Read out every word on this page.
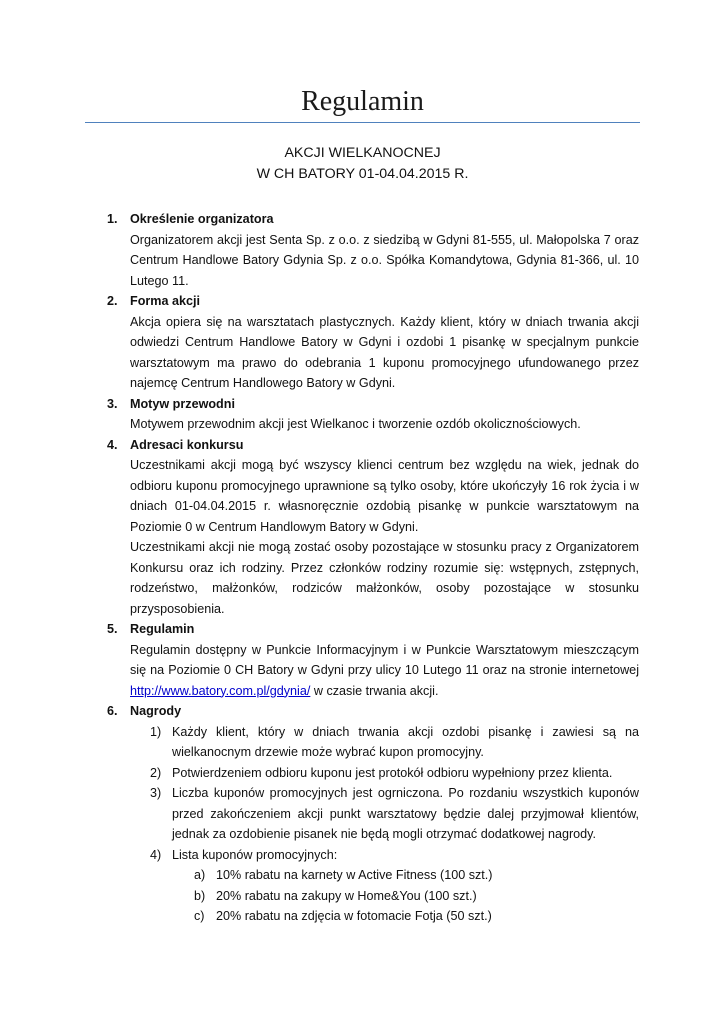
Regulamin
AKCJI WIELKANOCNEJ
W CH BATORY 01-04.04.2015 R.
1. Określenie organizatora
Organizatorem akcji jest Senta Sp. z o.o. z siedzibą w Gdyni 81-555, ul. Małopolska 7 oraz Centrum Handlowe Batory Gdynia Sp. z o.o. Spółka Komandytowa, Gdynia 81-366, ul. 10 Lutego 11.
2. Forma akcji
Akcja opiera się na warsztatach plastycznych. Każdy klient, który w dniach trwania akcji odwiedzi Centrum Handlowe Batory w Gdyni i ozdobi 1 pisankę w specjalnym punkcie warsztatowym ma prawo do odebrania 1 kuponu promocyjnego ufundowanego przez najemcę Centrum Handlowego Batory w Gdyni.
3. Motyw przewodni
Motywem przewodnim akcji jest Wielkanoc i tworzenie ozdób okolicznościowych.
4. Adresaci konkursu
Uczestnikami akcji mogą być wszyscy klienci centrum bez względu na wiek, jednak do odbioru kuponu promocyjnego uprawnione są tylko osoby, które ukończyły 16 rok życia i w dniach 01-04.04.2015 r. własnoręcznie ozdobią pisankę w punkcie warsztatowym na Poziomie 0 w Centrum Handlowym Batory w Gdyni.
Uczestnikami akcji nie mogą zostać osoby pozostające w stosunku pracy z Organizatorem Konkursu oraz ich rodziny. Przez członków rodziny rozumie się: wstępnych, zstępnych, rodzeństwo, małżonków, rodziców małżonków, osoby pozostające w stosunku przysposobienia.
5. Regulamin
Regulamin dostępny w Punkcie Informacyjnym i w Punkcie Warsztatowym mieszczącym się na Poziomie 0 CH Batory w Gdyni przy ulicy 10 Lutego 11 oraz na stronie internetowej http://www.batory.com.pl/gdynia/ w czasie trwania akcji.
6. Nagrody
1) Każdy klient, który w dniach trwania akcji ozdobi pisankę i zawiesi są na wielkanocnym drzewie może wybrać kupon promocyjny.
2) Potwierdzeniem odbioru kuponu jest protokół odbioru wypełniony przez klienta.
3) Liczba kuponów promocyjnych jest ogrniczona. Po rozdaniu wszystkich kuponów przed zakończeniem akcji punkt warsztatowy będzie dalej przyjmował klientów, jednak za ozdobienie pisanek nie będą mogli otrzymać dodatkowej nagrody.
4) Lista kuponów promocyjnych:
a) 10% rabatu na karnety w Active Fitness (100 szt.)
b) 20% rabatu na zakupy w Home&You (100 szt.)
c) 20% rabatu na zdjęcia w fotomacie Fotja (50 szt.)
